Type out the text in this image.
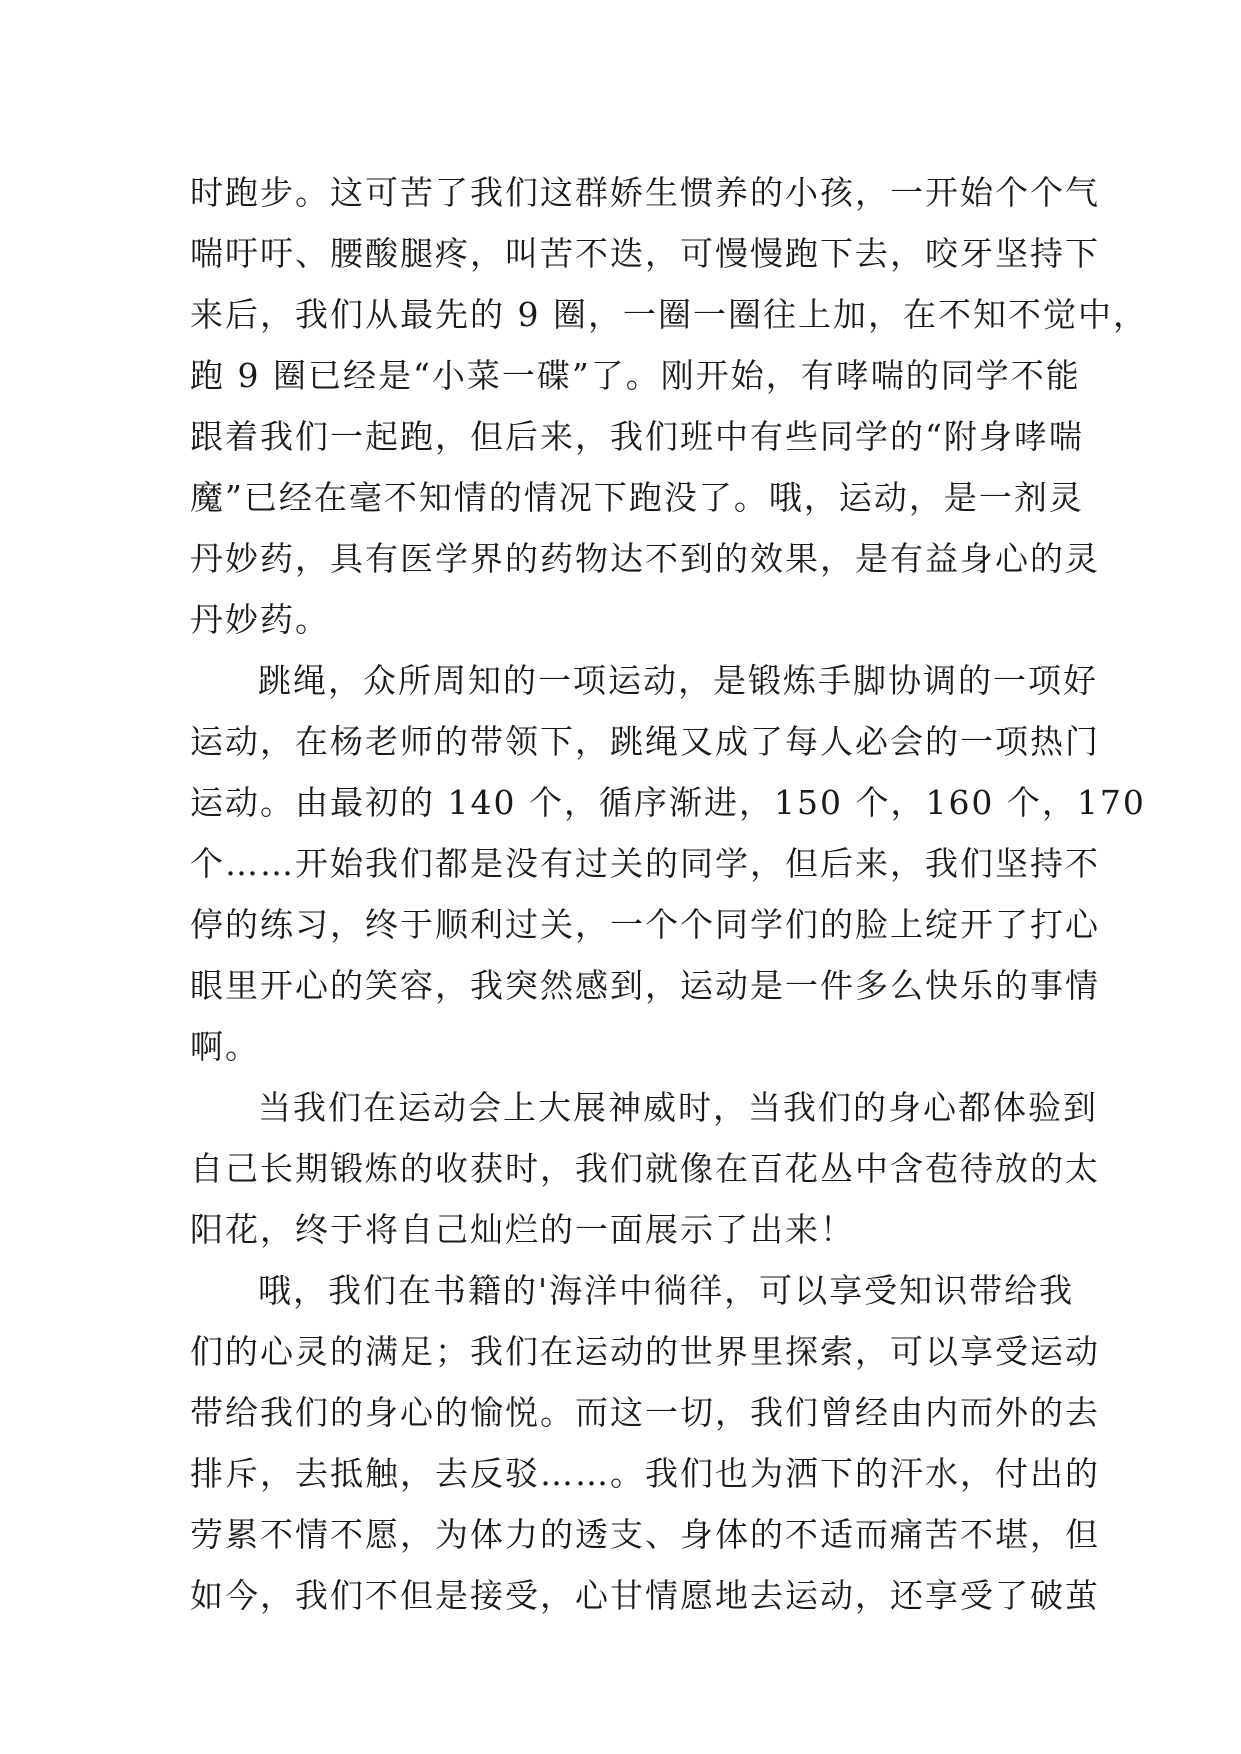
时跑步。这可苦了我们这群娇生惯养的小孩，一开始个个气
喘吁吁、腰酸腿疼，叫苦不迭，可慢慢跑下去，咬牙坚持下
来后，我们从最先的 9 圈，一圈一圈往上加，在不知不觉中，
跑 9 圈已经是“小菜一碟”了。刚开始，有哮喘的同学不能
跟着我们一起跑，但后来，我们班中有些同学的“附身哮喘
魔”已经在毫不知情的情况下跑没了。哦，运动，是一剂灵
丹妙药，具有医学界的药物达不到的效果，是有益身心的灵
丹妙药。
跳绳，众所周知的一项运动，是锻炼手脚协调的一项好
运动，在杨老师的带领下，跳绳又成了每人必会的一项热门
运动。由最初的 140 个，循序渐进，150 个，160 个，170
个……开始我们都是没有过关的同学，但后来，我们坚持不
停的练习，终于顺利过关，一个个同学们的脸上绽开了打心
眼里开心的笑容，我突然感到，运动是一件多么快乐的事情
啊。
当我们在运动会上大展神威时，当我们的身心都体验到
自己长期锻炼的收获时，我们就像在百花丛中含苞待放的太
阳花，终于将自己灿烂的一面展示了出来！
哦，我们在书籍的'海洋中徜徉，可以享受知识带给我
们的心灵的满足；我们在运动的世界里探索，可以享受运动
带给我们的身心的愉悦。而这一切，我们曾经由内而外的去
排斥，去抵触，去反驳……。我们也为洒下的汗水，付出的
劳累不情不愿，为体力的透支、身体的不适而痛苦不堪，但
如今，我们不但是接受，心甘情愿地去运动，还享受了破茧
